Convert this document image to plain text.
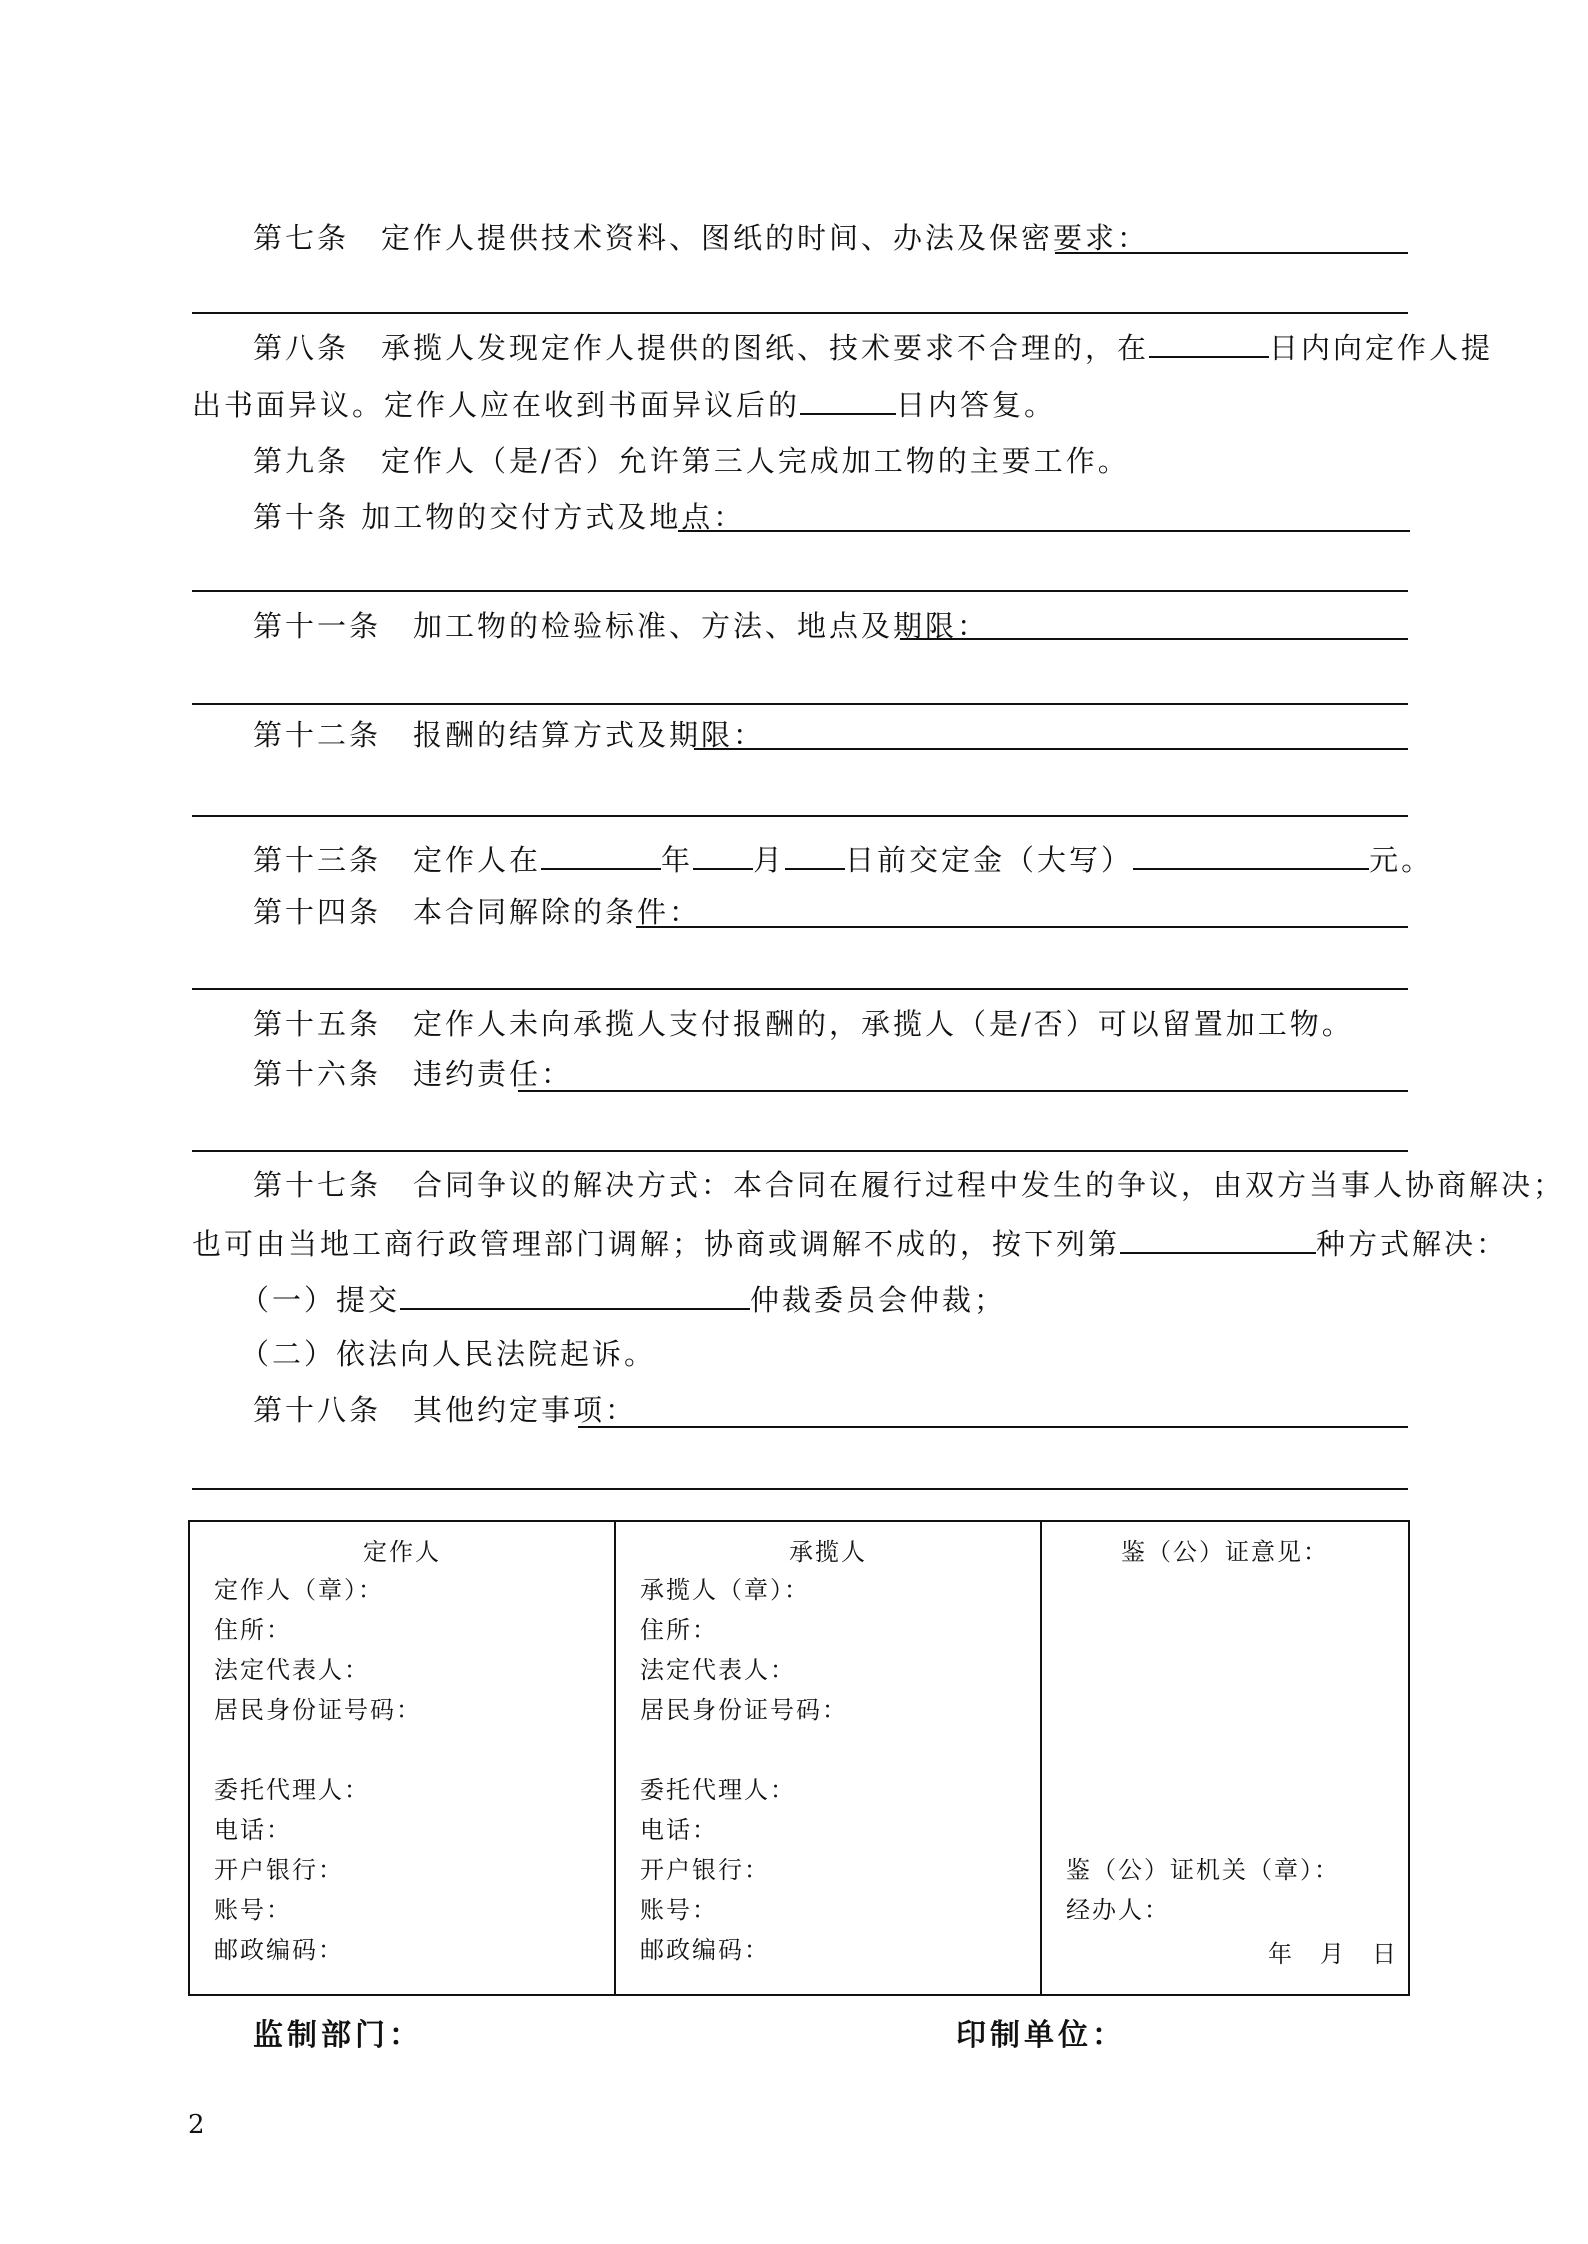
第七条　定作人提供技术资料、图纸的时间、办法及保密要求：
第八条　承揽人发现定作人提供的图纸、技术要求不合理的，在	日内向定作人提
出书面异议。定作人应在收到书面异议后的	日内答复。
第九条　定作人（是/否）允许第三人完成加工物的主要工作。
第十条 加工物的交付方式及地点：
第十一条　加工物的检验标准、方法、地点及期限：
第十二条　报酬的结算方式及期限：
第十三条　定作人在	年 月 日前交定金（大写）	元。
第十四条　本合同解除的条件：
第十五条　定作人未向承揽人支付报酬的，承揽人（是/否）可以留置加工物。
第十六条　违约责任：
第十七条　合同争议的解决方式：本合同在履行过程中发生的争议，由双方当事人协商解决；
也可由当地工商行政管理部门调解；协商或调解不成的，按下列第	种方式解决：
（一）提交	仲裁委员会仲裁；
（二）依法向人民法院起诉。
第十八条　其他约定事项：
定作人
定作人（章）：
住所：
法定代表人：
居民身份证号码：
委托代理人：
电话：
开户银行：
账号：
邮政编码：

承揽人
承揽人（章）：
住所：
法定代表人：
居民身份证号码：
委托代理人：
电话：
开户银行：
账号：
邮政编码：

鉴（公）证意见：
鉴（公）证机关（章）：
经办人：
年　月　日
监制部门：	印制单位：
2
